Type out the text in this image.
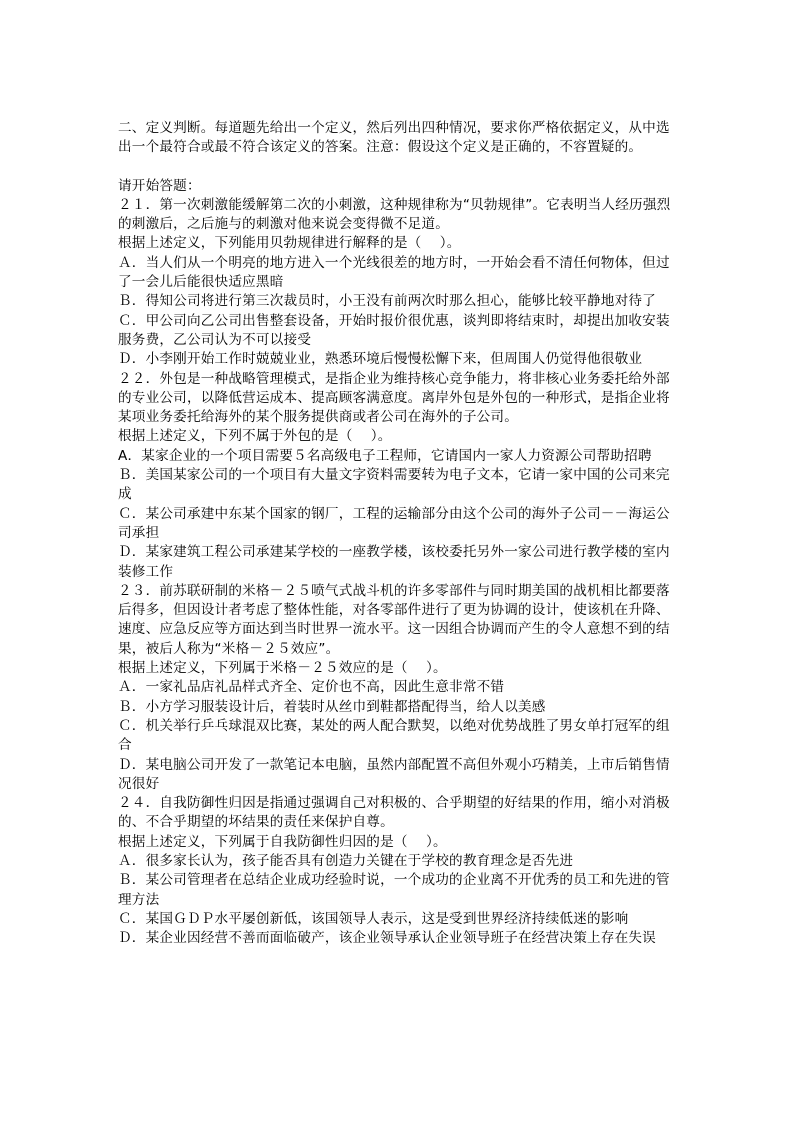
二、定义判断。每道题先给出一个定义，然后列出四种情况，要求你严格依据定义，从中选出一个最符合或最不符合该定义的答案。注意：假设这个定义是正确的，不容置疑的。

请开始答题：

２１．第一次刺激能缓解第二次的小刺激，这种规律称为“贝勃规律”。它表明当人经历强烈的刺激后，之后施与的刺激对他来说会变得微不足道。

根据上述定义，下列能用贝勃规律进行解释的是（　 ）。

Ａ．当人们从一个明亮的地方进入一个光线很差的地方时，一开始会看不清任何物体，但过了一会儿后能很快适应黑暗

Ｂ．得知公司将进行第三次裁员时，小王没有前两次时那么担心，能够比较平静地对待了

Ｃ．甲公司向乙公司出售整套设备，开始时报价很优惠，谈判即将结束时，却提出加收安装服务费，乙公司认为不可以接受

Ｄ．小李刚开始工作时兢兢业业，熟悉环境后慢慢松懈下来，但周围人仍觉得他很敬业

２２．外包是一种战略管理模式，是指企业为维持核心竞争能力，将非核心业务委托给外部的专业公司，以降低营运成本、提高顾客满意度。离岸外包是外包的一种形式，是指企业将某项业务委托给海外的某个服务提供商或者公司在海外的子公司。

根据上述定义，下列不属于外包的是（　 ）。

A．某家企业的一个项目需要５名高级电子工程师，它请国内一家人力资源公司帮助招聘

Ｂ．美国某家公司的一个项目有大量文字资料需要转为电子文本，它请一家中国的公司来完成

Ｃ．某公司承建中东某个国家的钢厂，工程的运输部分由这个公司的海外子公司－－海运公司承担

Ｄ．某家建筑工程公司承建某学校的一座教学楼，该校委托另外一家公司进行教学楼的室内装修工作

２３．前苏联研制的米格－２５喷气式战斗机的许多零部件与同时期美国的战机相比都要落后得多，但因设计者考虑了整体性能，对各零部件进行了更为协调的设计，使该机在升降、速度、应急反应等方面达到当时世界一流水平。这一因组合协调而产生的令人意想不到的结果，被后人称为“米格－２５效应”。

根据上述定义，下列属于米格－２５效应的是（　 ）。

Ａ．一家礼品店礼品样式齐全、定价也不高，因此生意非常不错

Ｂ．小方学习服装设计后，着装时从丝巾到鞋都搭配得当，给人以美感

Ｃ．机关举行乒乓球混双比赛，某处的两人配合默契，以绝对优势战胜了男女单打冠军的组合

Ｄ．某电脑公司开发了一款笔记本电脑，虽然内部配置不高但外观小巧精美，上市后销售情况很好

２４．自我防御性归因是指通过强调自己对积极的、合乎期望的好结果的作用，缩小对消极的、不合乎期望的坏结果的责任来保护自尊。

根据上述定义，下列属于自我防御性归因的是（　 ）。

Ａ．很多家长认为，孩子能否具有创造力关键在于学校的教育理念是否先进

Ｂ．某公司管理者在总结企业成功经验时说，一个成功的企业离不开优秀的员工和先进的管理方法

Ｃ．某国ＧＤＰ水平屡创新低，该国领导人表示，这是受到世界经济持续低迷的影响

Ｄ．某企业因经营不善而面临破产，该企业领导承认企业领导班子在经营决策上存在失误
